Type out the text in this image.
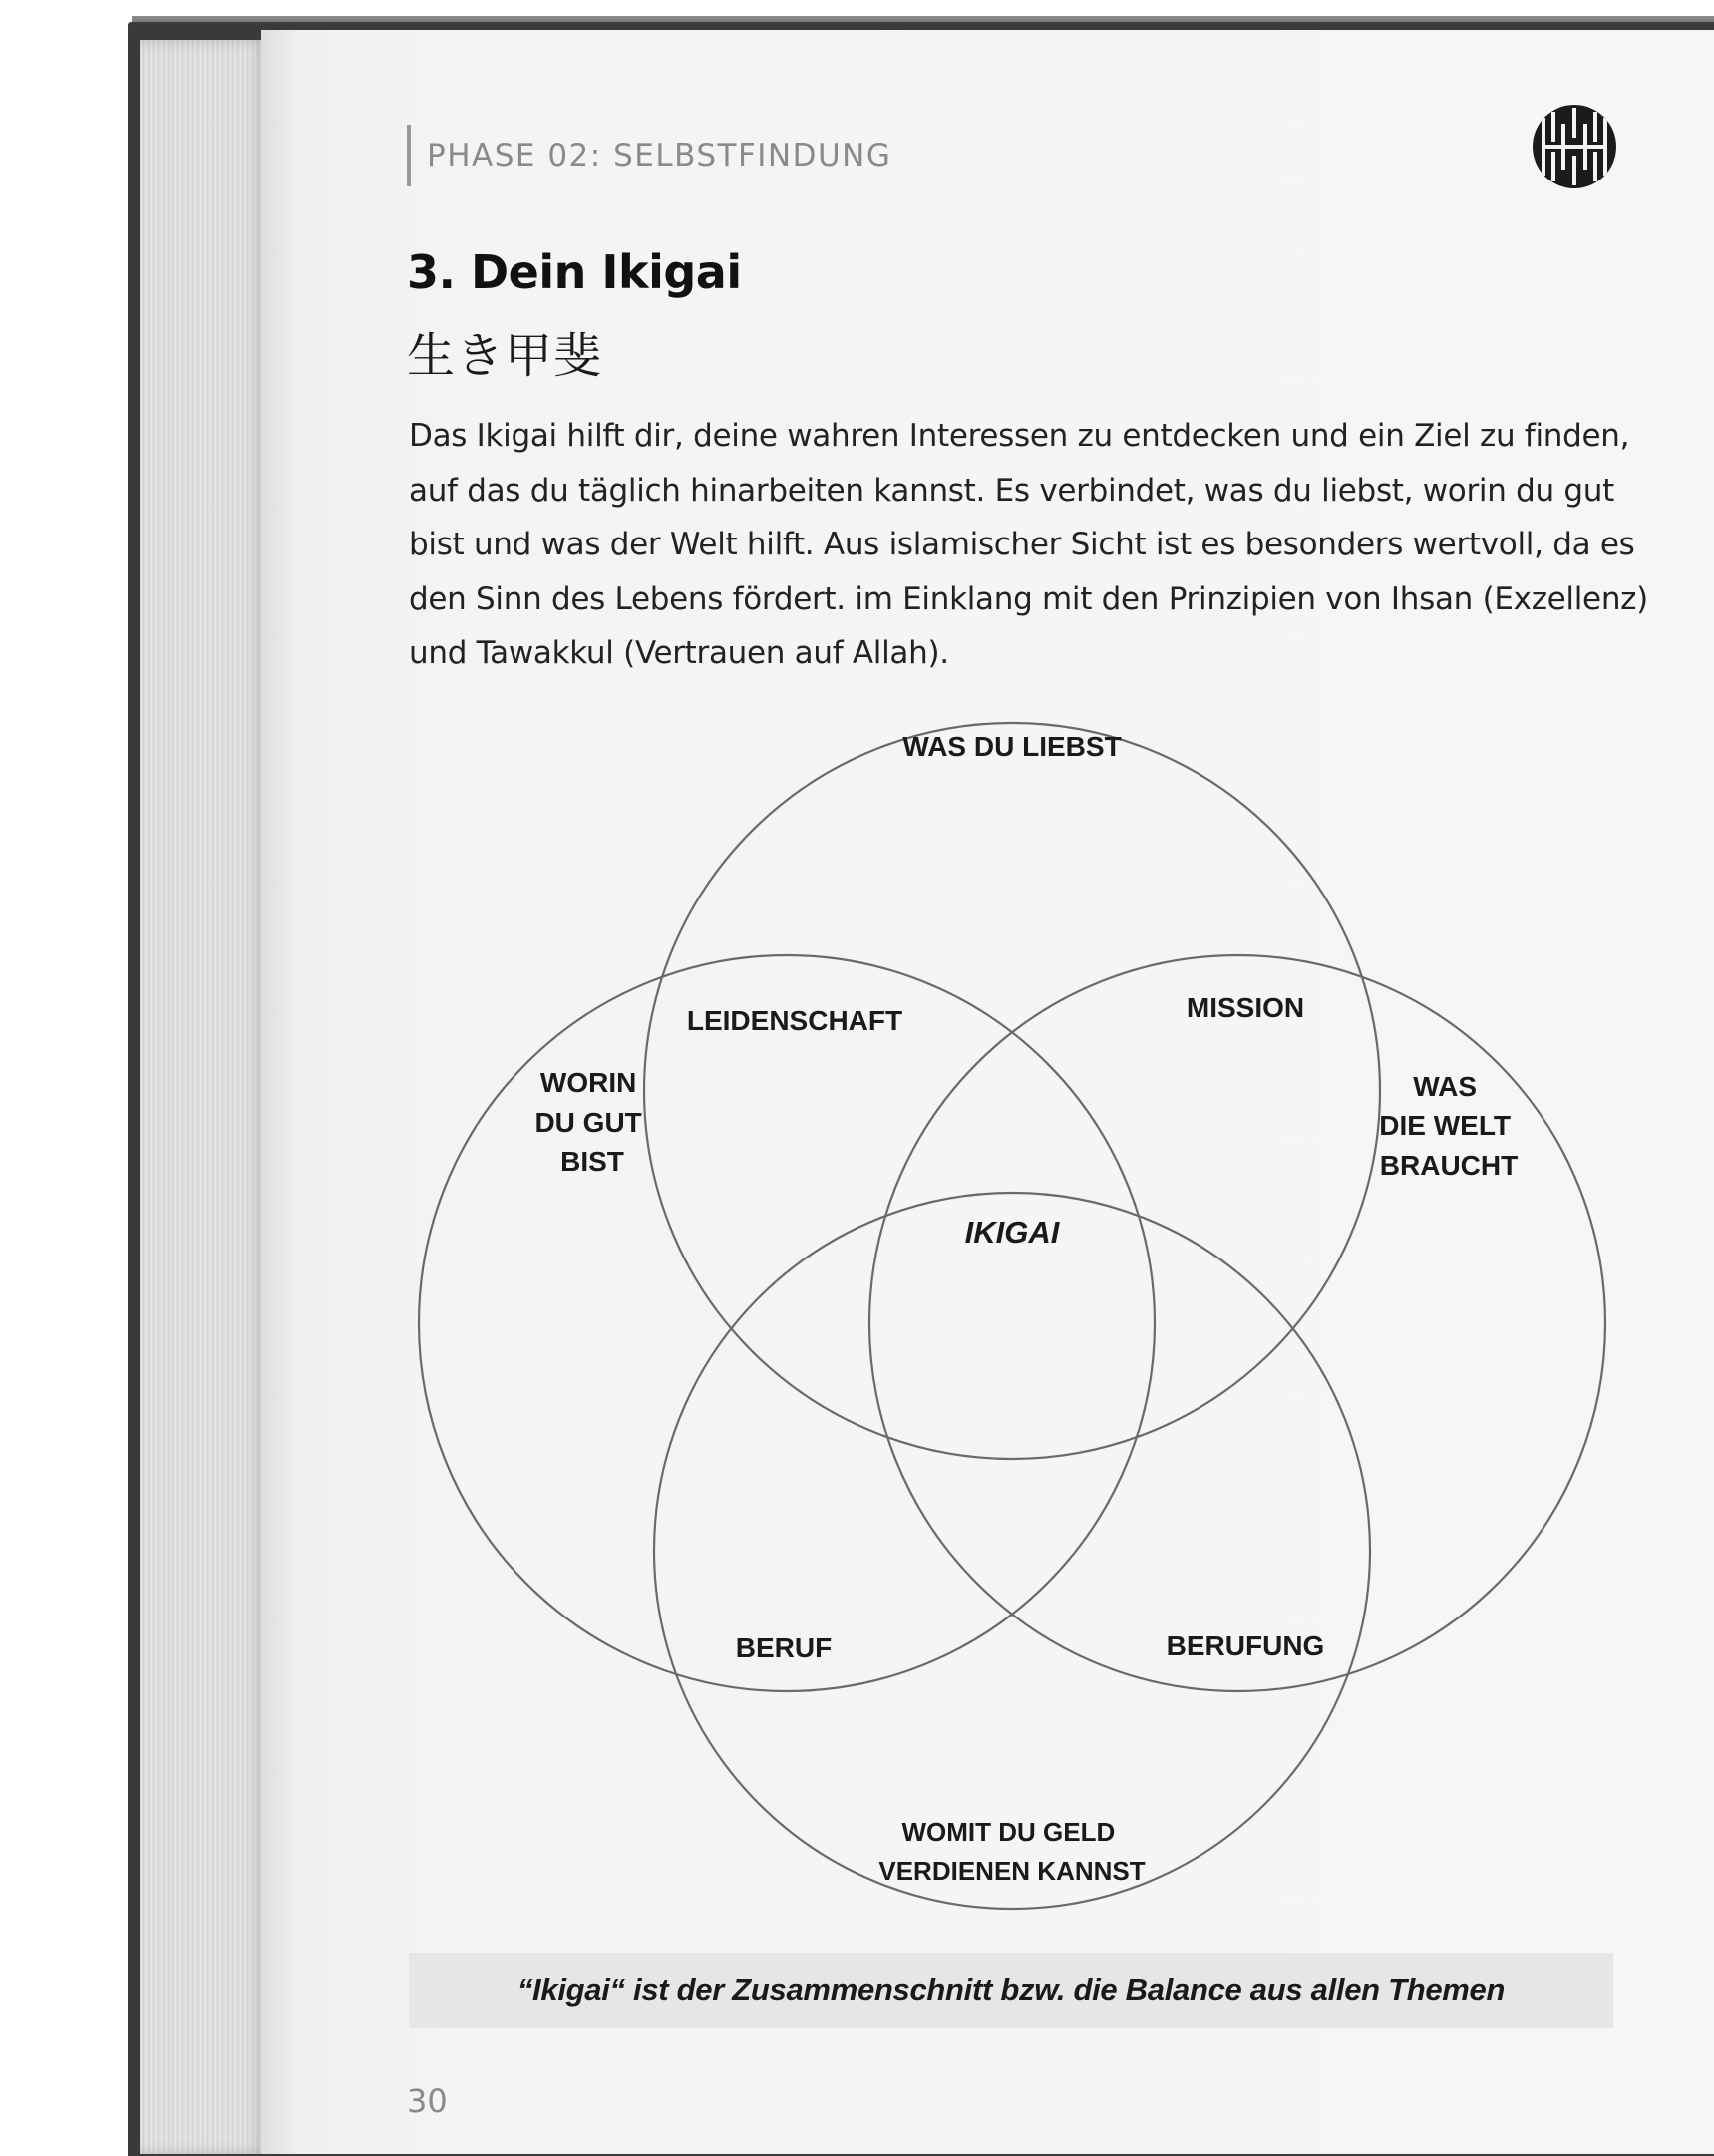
PHASE 02: SELBSTFINDUNG
3. Dein Ikigai
生き甲斐

Das Ikigai hilft dir, deine wahren Interessen zu entdecken und ein Ziel zu finden,

auf das du täglich hinarbeiten kannst. Es verbindet, was du liebst, worin du gut

bist und was der Welt hilft. Aus islamischer Sicht ist es besonders wertvoll, da es

den Sinn des Lebens fördert. im Einklang mit den Prinzipien von Ihsan (Exzellenz)

und Tawakkul (Vertrauen auf Allah).

WAS DU LIEBST
WORIN DU GUT BIST
WAS DIE WELT BRAUCHT
WOMIT DU GELD VERDIENEN KANNST
LEIDENSCHAFT	MISSION
BERUF	BERUFUNG
IKIGAI
“Ikigai“ ist der Zusammenschnitt bzw. die Balance aus allen Themen
30
